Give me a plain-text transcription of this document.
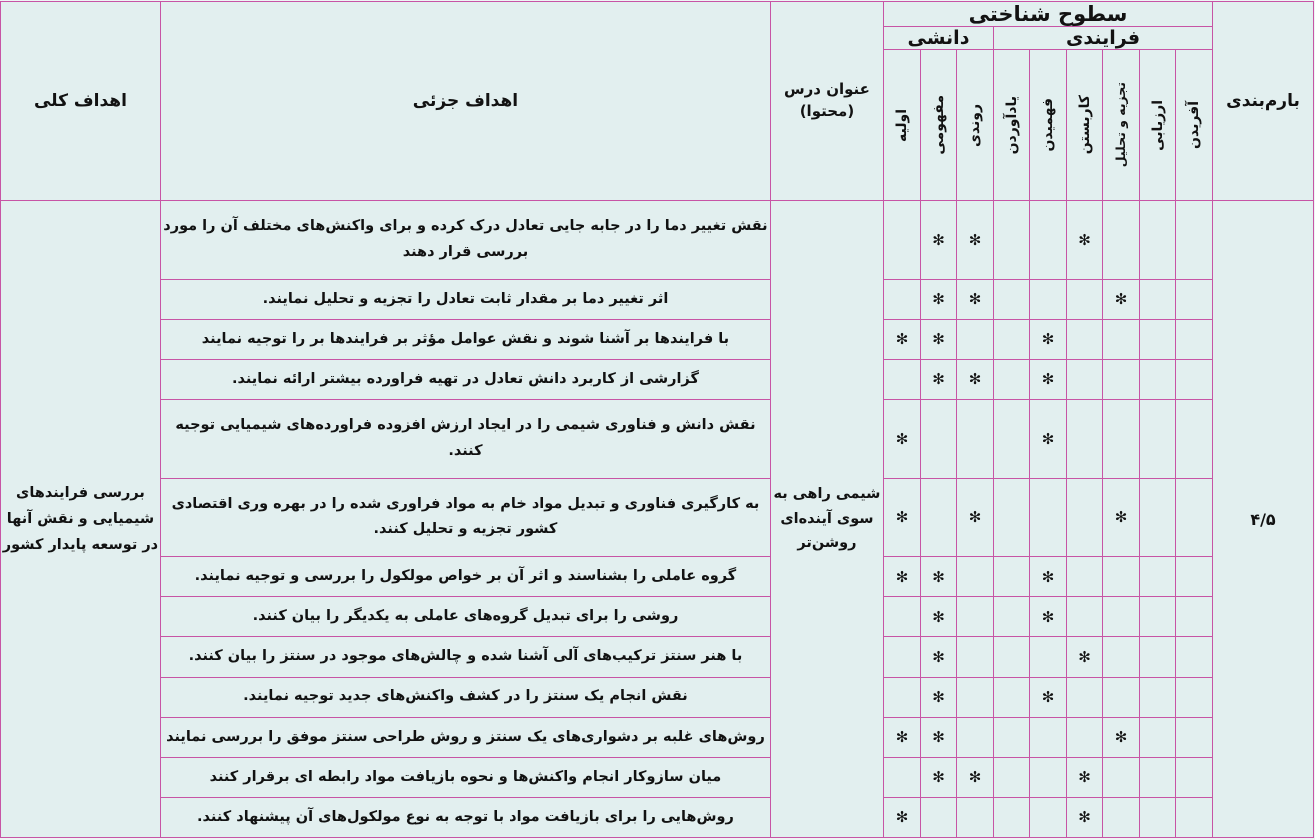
بارم‌بندی	سطوح شناختی									عنوان درس
(محتوا)	اهداف جزئی	اهداف کلی
	فرایندی						دانشی					

	آفریدن	ارزیابی	تجزیه و تحلیل	کاربستن	فهمیدن	یادآوردن	روندی	مفهومی	اولیه			

۴/۵				✻			✻	✻		شیمی راهی به سوی آینده‌ای روشن‌تر	نقش تغییر دما را در جابه جایی تعادل درک کرده و برای واکنش‌های مختلف آن را مورد بررسی قرار دهند	بررسی فرایندهای شیمیایی و نقش آنها در توسعه پایدار کشور
			✻				✻	✻			اثر تغییر دما بر مقدار ثابت تعادل را تجزیه و تحلیل نمایند.	

					✻			✻	✻		با فرایندها بر آشنا شوند و نقش عوامل مؤثر بر فرایندها بر را توجیه نمایند	

					✻		✻	✻			گزارشی از کاربرد دانش تعادل در تهیه فراورده بیشتر ارائه نمایند.	

					✻				✻		نقش دانش و فناوری شیمی را در ایجاد ارزش افزوده فراورده‌های شیمیایی توجیه کنند.	

			✻				✻		✻		به کارگیری فناوری و تبدیل مواد خام به مواد فراوری شده را در بهره وری اقتصادی کشور تجزیه و تحلیل کنند.	

					✻			✻	✻		گروه عاملی را بشناسند و اثر آن بر خواص مولکول را بررسی و توجیه نمایند.	

					✻			✻			روشی را برای تبدیل گروه‌های عاملی به یکدیگر را بیان کنند.	

				✻				✻			با هنر سنتز ترکیب‌های آلی آشنا شده و چالش‌های موجود در سنتز را بیان کنند.	

					✻			✻			نقش انجام یک سنتز را در کشف واکنش‌های جدید توجیه نمایند.	

			✻					✻	✻		روش‌های غلبه بر دشواری‌های یک سنتز و روش طراحی سنتز موفق را بررسی نمایند	

				✻			✻	✻			میان سازوکار انجام واکنش‌ها و نحوه بازیافت مواد رابطه ای برقرار کنند	

				✻					✻		روش‌هایی را برای بازیافت مواد با توجه به نوع مولکول‌های آن پیشنهاد کنند.	
